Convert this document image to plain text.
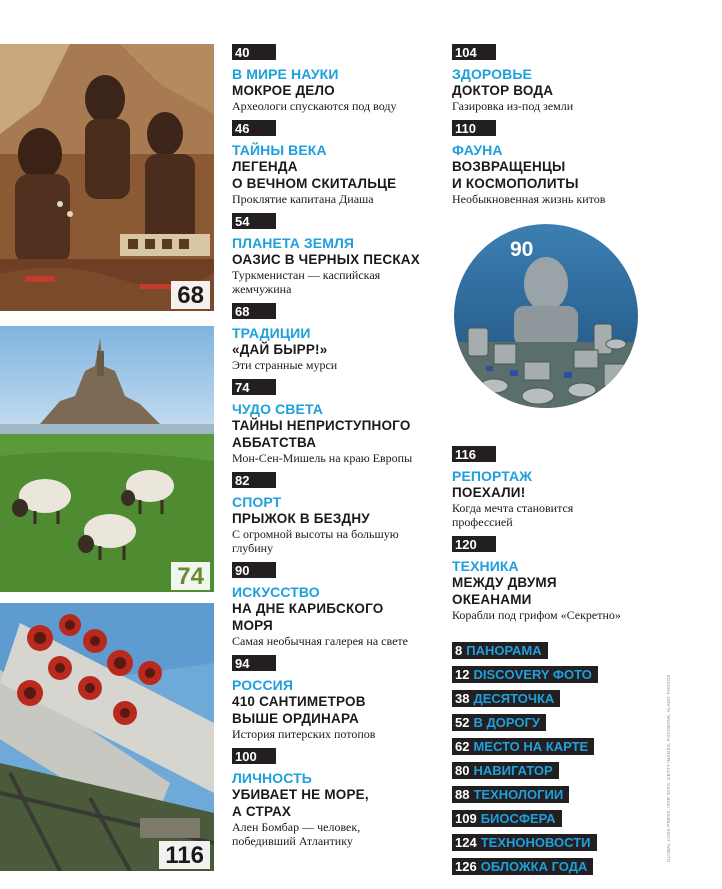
68
74
116
40

В МИРЕ НАУКИ
МОКРОЕ ДЕЛО
Археологи спускаются под воду
46

ТАЙНЫ ВЕКА
ЛЕГЕНДА
О ВЕЧНОМ СКИТАЛЬЦЕ
Проклятие капитана Диаша
54

ПЛАНЕТА ЗЕМЛЯ
ОАЗИС В ЧЕРНЫХ ПЕСКАХ
Туркменистан — каспийская
жемчужина
68

ТРАДИЦИИ
«ДАЙ БЫРР!»
Эти странные мурси
74

ЧУДО СВЕТА
ТАЙНЫ НЕПРИСТУПНОГО
АББАТСТВА
Мон-Сен-Мишель на краю Европы
82

СПОРТ
ПРЫЖОК В БЕЗДНУ
С огромной высоты на большую
глубину
90

ИСКУССТВО
НА ДНЕ КАРИБСКОГО
МОРЯ
Самая необычная галерея на свете
94

РОССИЯ
410 САНТИМЕТРОВ
ВЫШЕ ОРДИНАРА
История питерских потопов
100

ЛИЧНОСТЬ
УБИВАЕТ НЕ МОРЕ,
А СТРАХ
Ален Бомбар — человек,
победивший Атлантику
104

ЗДОРОВЬЕ
ДОКТОР ВОДА
Газировка из-под земли
110

ФАУНА
ВОЗВРАЩЕНЦЫ
И КОСМОПОЛИТЫ
Необыкновенная жизнь китов
90
116

РЕПОРТАЖ
ПОЕХАЛИ!
Когда мечта становится
профессией
120

ТЕХНИКА
МЕЖДУ ДВУМЯ
ОКЕАНАМИ
Корабли под грифом «Секретно»
8 ПАНОРАМА
12 DISCOVERY ФОТО
38 ДЕСЯТОЧКА
52 В ДОРОГУ
62 МЕСТО НА КАРТЕ
80 НАВИГАТОР
88 ТЕХНОЛОГИИ
109 БИОСФЕРА
124 ТЕХНОНОВОСТИ
126 ОБЛОЖКА ГОДА
GLOBAL LOOK PRESS, ITAR-TASS, GETTY IMAGES, FOTOBANK, ALAMY PHOTOS
